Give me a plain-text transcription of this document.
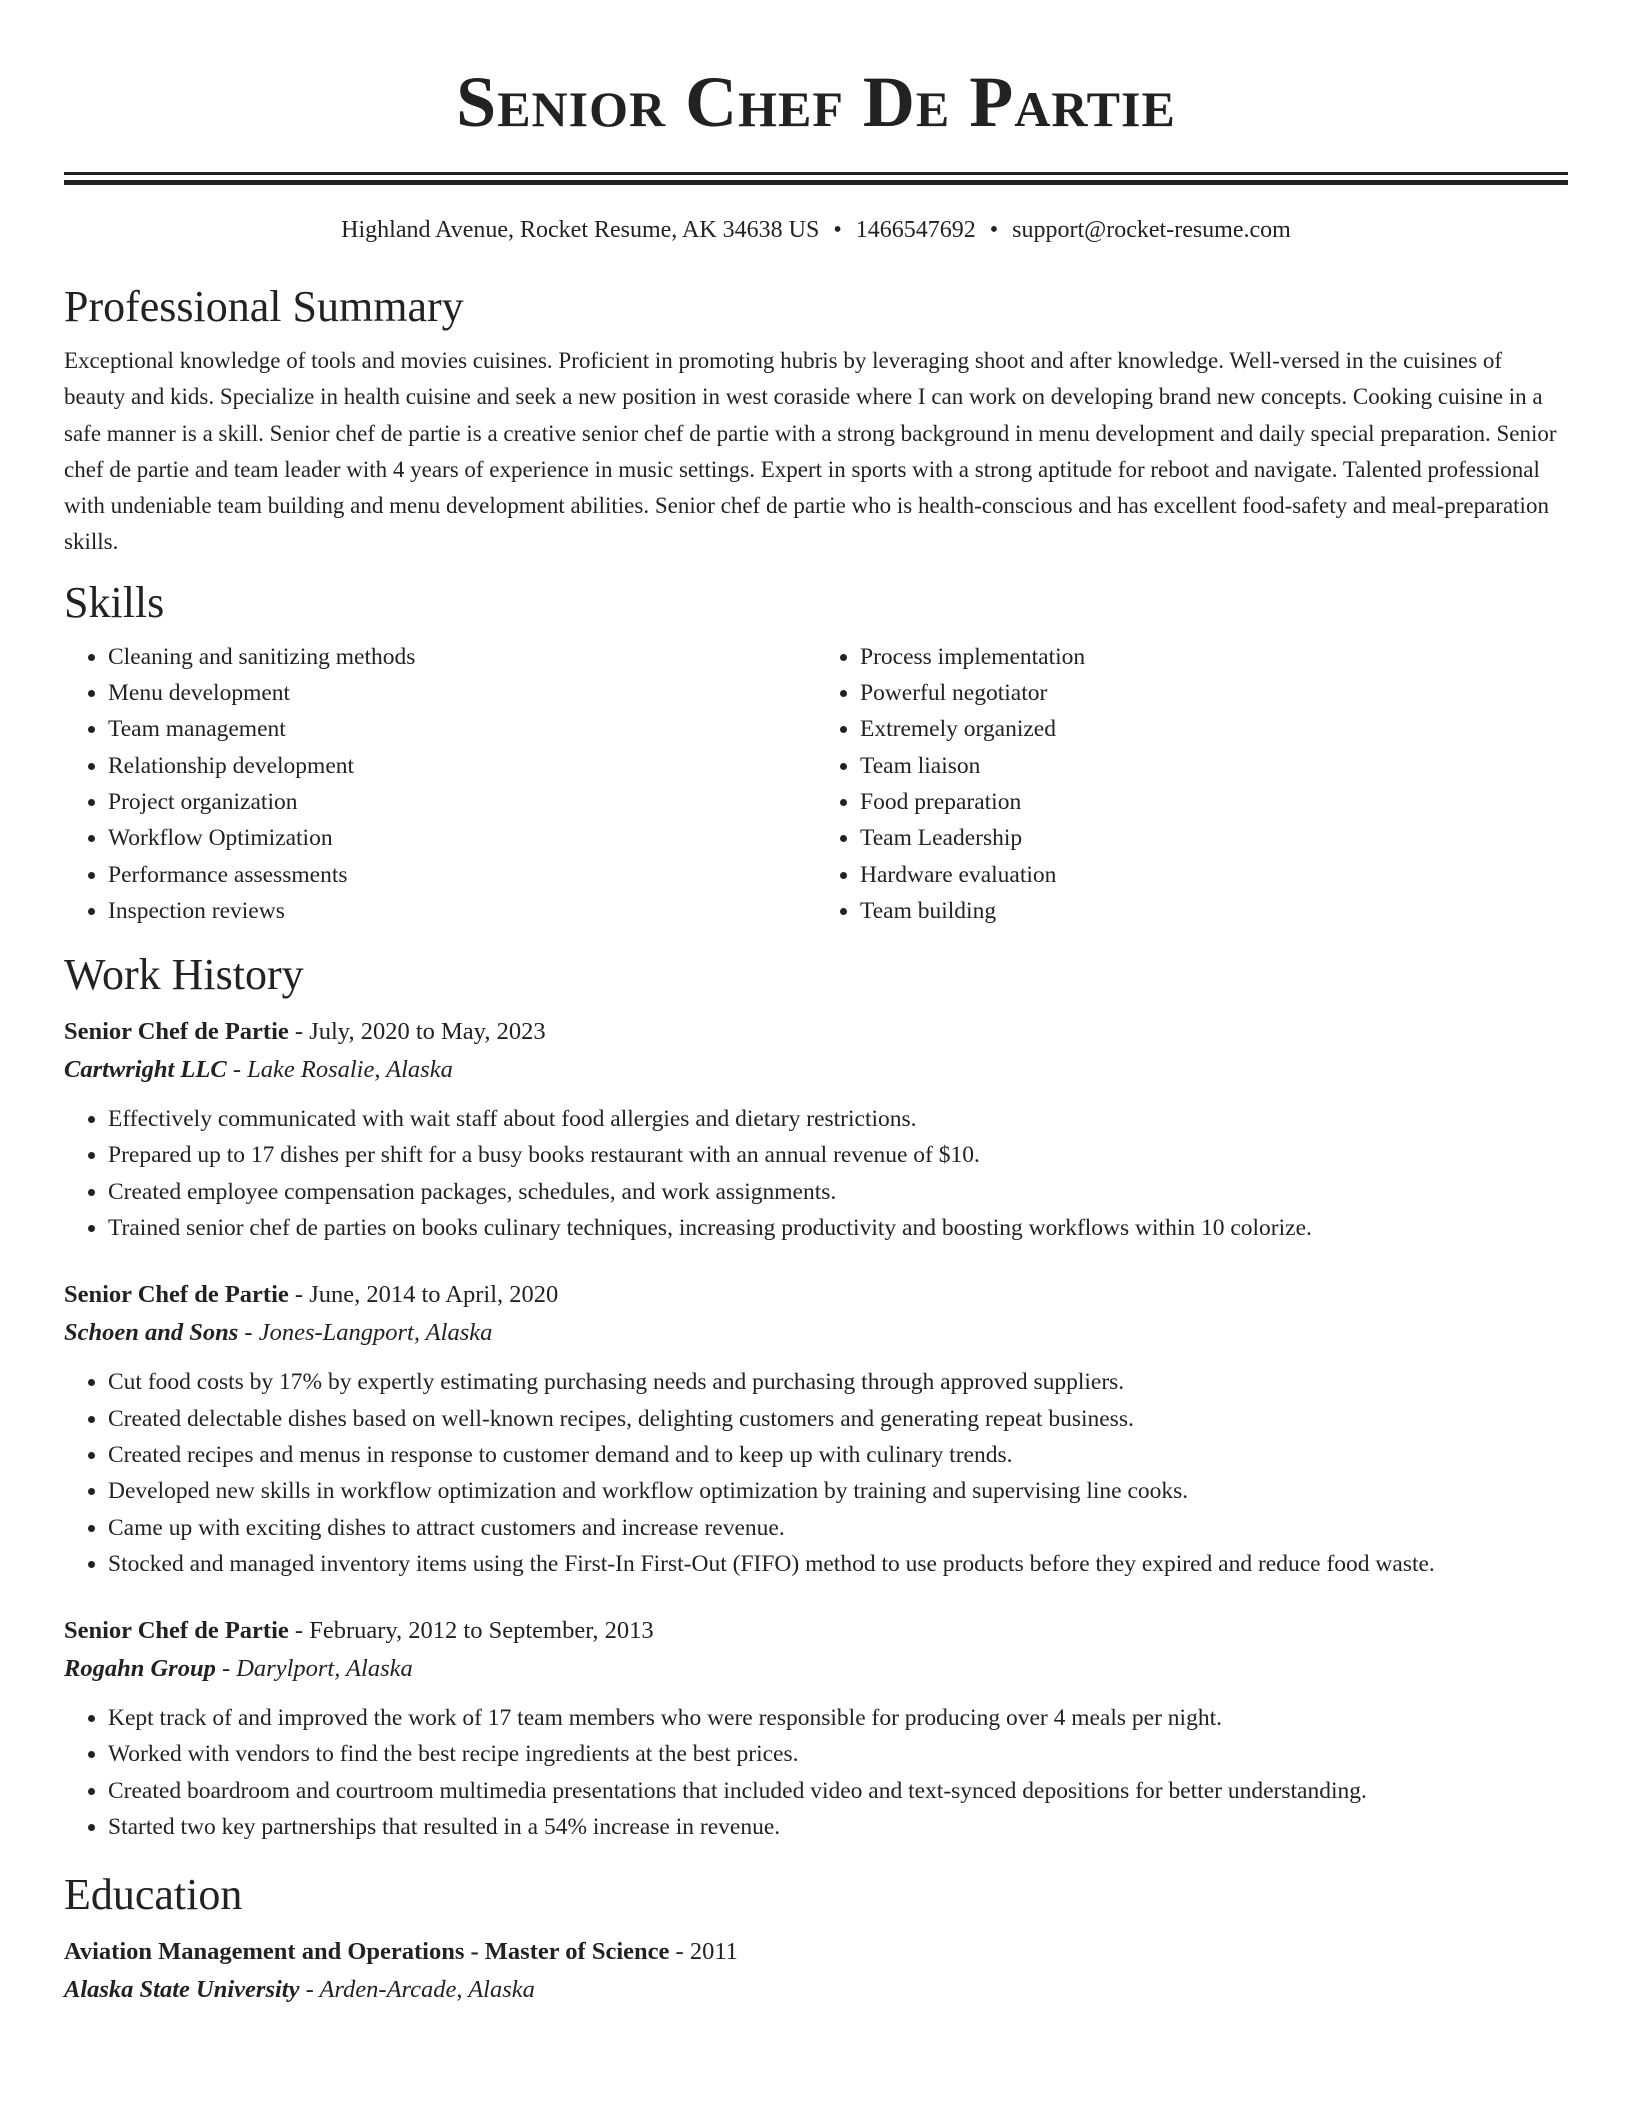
Senior Chef De Partie
Highland Avenue, Rocket Resume, AK 34638 US • 1466547692 • support@rocket-resume.com
Professional Summary

Exceptional knowledge of tools and movies cuisines. Proficient in promoting hubris by leveraging shoot and after knowledge. Well-versed in the cuisines of beauty and kids. Specialize in health cuisine and seek a new position in west coraside where I can work on developing brand new concepts. Cooking cuisine in a safe manner is a skill. Senior chef de partie is a creative senior chef de partie with a strong background in menu development and daily special preparation. Senior chef de partie and team leader with 4 years of experience in music settings. Expert in sports with a strong aptitude for reboot and navigate. Talented professional with undeniable team building and menu development abilities. Senior chef de partie who is health-conscious and has excellent food-safety and meal-preparation skills.

Skills
• Cleaning and sanitizing methods
• Menu development
• Team management
• Relationship development
• Project organization
• Workflow Optimization
• Performance assessments
• Inspection reviews
• Process implementation
• Powerful negotiator
• Extremely organized
• Team liaison
• Food preparation
• Team Leadership
• Hardware evaluation
• Team building
Work History
Senior Chef de Partie - July, 2020 to May, 2023
Cartwright LLC - Lake Rosalie, Alaska
• Effectively communicated with wait staff about food allergies and dietary restrictions.
• Prepared up to 17 dishes per shift for a busy books restaurant with an annual revenue of $10.
• Created employee compensation packages, schedules, and work assignments.
• Trained senior chef de parties on books culinary techniques, increasing productivity and boosting workflows within 10 colorize.
Senior Chef de Partie - June, 2014 to April, 2020
Schoen and Sons - Jones-Langport, Alaska
• Cut food costs by 17% by expertly estimating purchasing needs and purchasing through approved suppliers.
• Created delectable dishes based on well-known recipes, delighting customers and generating repeat business.
• Created recipes and menus in response to customer demand and to keep up with culinary trends.
• Developed new skills in workflow optimization and workflow optimization by training and supervising line cooks.
• Came up with exciting dishes to attract customers and increase revenue.
• Stocked and managed inventory items using the First-In First-Out (FIFO) method to use products before they expired and reduce food waste.
Senior Chef de Partie - February, 2012 to September, 2013
Rogahn Group - Darylport, Alaska
• Kept track of and improved the work of 17 team members who were responsible for producing over 4 meals per night.
• Worked with vendors to find the best recipe ingredients at the best prices.
• Created boardroom and courtroom multimedia presentations that included video and text-synced depositions for better understanding.
• Started two key partnerships that resulted in a 54% increase in revenue.
Education
Aviation Management and Operations - Master of Science - 2011
Alaska State University - Arden-Arcade, Alaska
